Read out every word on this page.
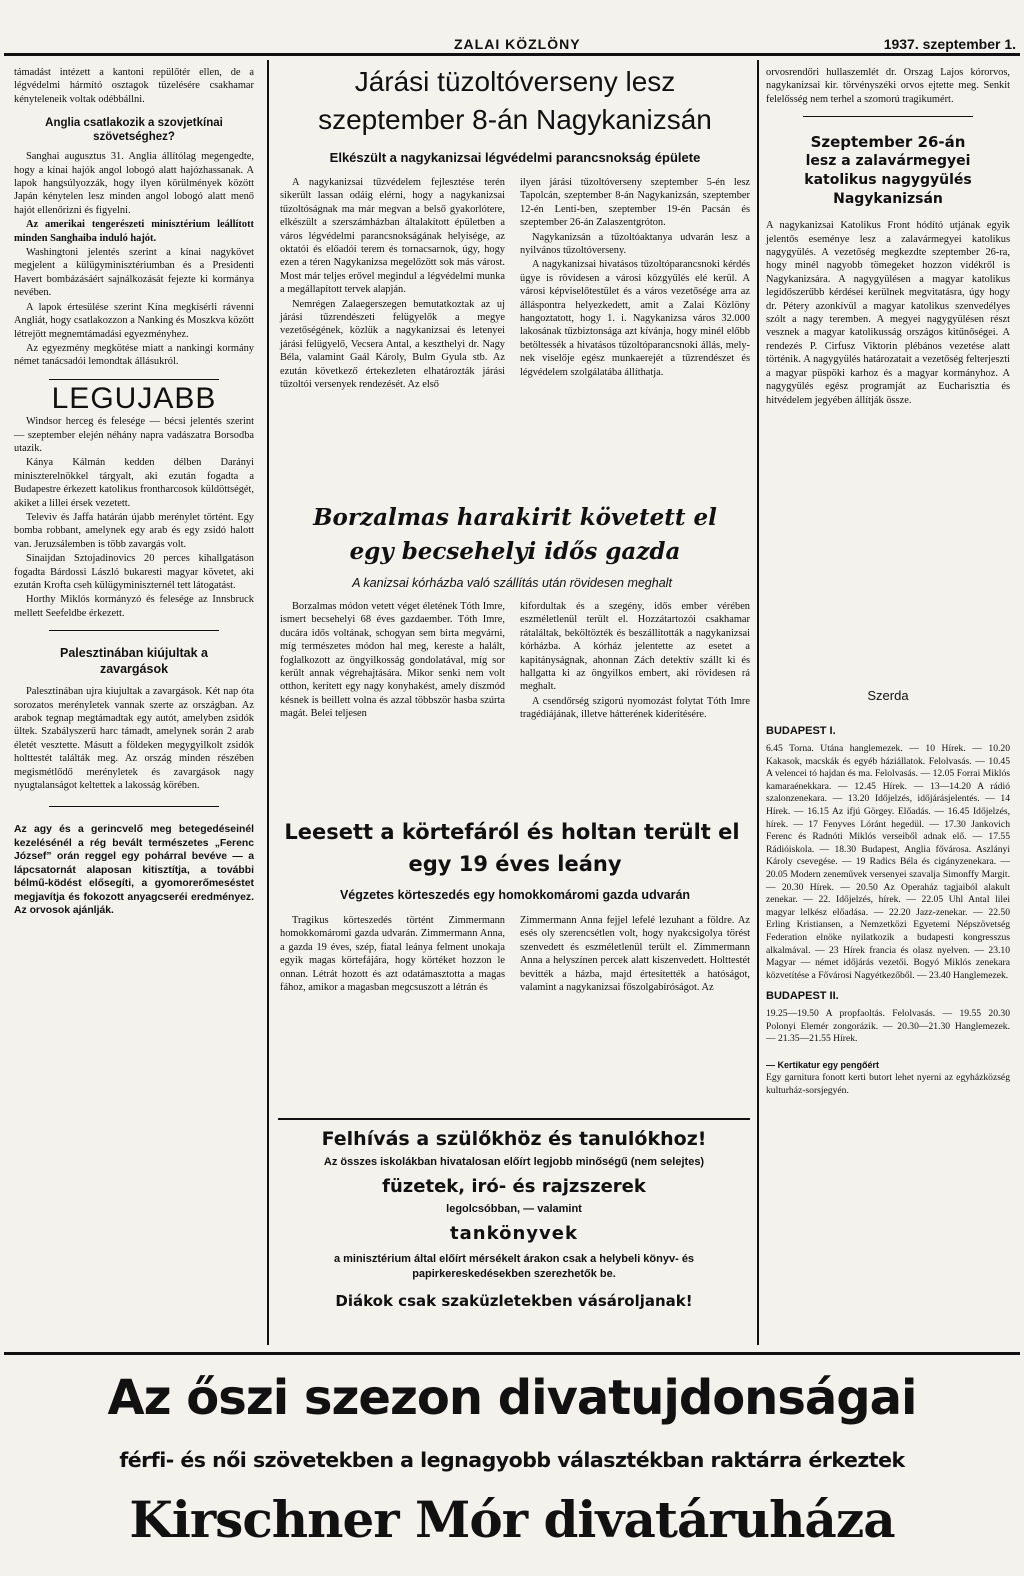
ZALAI KÖZLÖNY	1937. szeptember 1.

támadást intézett a kantoni repülőtér ellen, de a légvédelmi hármító osztagok tüzelésére csakhamar kényteleneik voltak odébbállni.

Anglia csatlakozik a szovjetkínai szövetséghez?

Sanghai augusztus 31. Anglia állítólag megengedte, hogy a kínai hajók angol lobogó alatt hajózhassanak. A lapok hangsúlyozzák, hogy ilyen körülmények között Japán kénytelen lesz minden angol lobogó alatt menő hajót ellenőrizni és figyelni.

Az amerikai tengerészeti minisztérium leállított minden Sanghaiba induló hajót.

Washingtoni jelentés szerint a kínai nagykövet megjelent a külügyminisztériumban és a Presidenti Havert bombázásáért sajnálkozását fejezte ki kormánya nevében.

A lapok értesülése szerint Kína megkísérli rávenni Angliát, hogy csatlakozzon a Nanking és Moszkva között létrejött megnemtámadási egyezményhez.

Az egyezmény megkötése miatt a nankingi kormány német tanácsadói lemondtak állásukról.

LEGUJABB

Windsor herceg és felesége — bécsi jelentés szerint — szeptember elején néhány napra vadászatra Borsodba utazik.

Kánya Kálmán kedden délben Darányi miniszterelnökkel tárgyalt, aki ezután fogadta a Budapestre érkezett katolikus frontharcosok küldöttségét, akiket a lillei érsek vezetett.

Televiv és Jaffa határán újabb merénylet történt. Egy bomba robbant, amelynek egy arab és egy zsidó halott van. Jeruzsálemben is több zavargás volt.

Sinaijdan Sztojadinovics 20 perces kihallgatáson fogadta Bárdossi László bukaresti magyar követet, aki ezután Krofta cseh külügyminiszternél tett látogatást.

Horthy Miklós kormányzó és felesége az Innsbruck mellett Seefeldbe érkezett.

Palesztinában kiújultak a zavargások

Palesztinában ujra kiujultak a zavargások. Két nap óta sorozatos merényletek vannak szerte az országban. Az arabok tegnap megtámadtak egy autót, amelyben zsidók ültek. Szabályszerű harc támadt, amelynek során 2 arab életét vesztette. Másutt a földeken megygyilkolt zsidók holttestét találták meg. Az ország minden részében megismétlődő merényletek és zavargások nagy nyugtalanságot keltettek a lakosság körében.

Az agy és a gerincvelő meg betegedéseinél kezelésénél a rég bevált természetes „Ferenc József” orán reggel egy pohárral bevéve — a lápcsatornát alaposan kitisztítja, a további bélmű-ködést elősegíti, a gyomorerőmeséstet megjavítja és fokozott anyagcseréi eredményez. Az orvosok ajánlják.

Járási tüzoltóverseny lesz
szeptember 8-án Nagykanizsán
Elkészült a nagykanizsai légvédelmi parancsnokság épülete

A nagykanizsai tűzvédelem fejlesztése terén sikerült lassan odáig elérni, hogy a nagykanizsai tűzoltóságnak ma már megvan a belső gyakorlótere, elkészült a szerszámházban általakított épületben a város légvédelmi parancsnokságának helyisége, az oktatói és előadói terem és tornacsarnok, úgy, hogy ezen a téren Nagykanizsa megelőzött sok más várost. Most már teljes erővel megindul a légvédelmi munka a megállapított tervek alapján.

Nemrégen Zalaegerszegen bemutatkoztak az uj járási tűzrendészeti felügyelők a megye vezetőségének, közlük a nagykanizsai és letenyei járási felügyelő, Vecsera Antal, a keszthelyi dr. Nagy Béla, valamint Gaál Károly, Bulm Gyula stb. Az ezután következő értekezleten elhatározták járási tűzoltói versenyek rendezését. Az első

ilyen járási tűzoltóverseny szeptember 5-én lesz Tapolcán, szeptember 8-án Nagykanizsán, szeptember 12-én Lenti-ben, szeptember 19-én Pacsán és szeptember 26-án Zalaszentgróton.

Nagykanizsán a tűzoltóaktanya udvarán lesz a nyilvános tűzoltóverseny.

A nagykanizsai hivatásos tűzoltóparancsnoki kérdés ügye is rövidesen a városi közgyűlés elé kerül. A városi képviselőtestület és a város vezetősége arra az álláspontra helyezkedett, amit a Zalai Közlöny hangoztatott, hogy 1. i. Nagykanizsa város 32.000 lakosának tűzbiztonsága azt kívánja, hogy minél előbb betöltessék a hivatásos tűzoltóparancsnoki állás, mely-nek viselője egész munkaerejét a tűzrendészet és légvédelem szolgálatába állíthatja.

Borzalmas harakirit követett el
egy becsehelyi idős gazda
A kanizsai kórházba való szállítás után rövidesen meghalt

Borzalmas módon vetett véget életének Tóth Imre, ismert becsehelyi 68 éves gazdaember. Tóth Imre, ducára idős voltának, schogyan sem birta megvárni, míg természetes módon hal meg, kereste a halált, foglalkozott az öngyilkosság gondolatával, míg sor került annak végrehajtására. Mikor senki nem volt otthon, kerített egy nagy konyhakést, amely díszmód késnek is beillett volna és azzal többször hasba szúrta magát. Belei teljesen

kifordultak és a szegény, idős ember vérében eszméletlenül terült el. Hozzátartozói csakhamar rátaláltak, beköltözték és beszállították a nagykanizsai kórházba. A kórház jelentette az esetet a kapitányságnak, ahonnan Zách detektív szállt ki és hallgatta ki az öngyilkos embert, aki rövidesen rá meghalt.

A csendőrség szigorú nyomozást folytat Tóth Imre tragédiájának, illetve hátterének kiderítésére.

Leesett a körtefáról és holtan terült el
egy 19 éves leány
Végzetes körteszedés egy homokkomáromi gazda udvarán

Tragikus körteszedés történt Zimmermann homokkomáromi gazda udvarán. Zimmermann Anna, a gazda 19 éves, szép, fiatal leánya felment unokaja egyik magas körtefájára, hogy körtéket hozzon le onnan. Létrát hozott és azt odatámasztotta a magas fához, amikor a magasban megcsuszott a létrán és

Zimmermann Anna fejjel lefelé lezuhant a földre. Az esés oly szerencsétlen volt, hogy nyakcsigolya törést szenvedett és eszméletlenül terült el. Zimmermann Anna a helyszínen percek alatt kiszenvedett. Holttestét bevitték a házba, majd értesítették a hatóságot, valamint a nagykanizsai főszolgabíróságot. Az

Felhívás a szülőkhöz és tanulókhoz!
Az összes iskolákban hivatalosan előírt legjobb minőségű (nem selejtes)
füzetek, iró- és rajzszerek
legolcsóbban, — valamint
tankönyvek
a minisztérium által előírt mérsékelt árakon csak a helybeli könyv- és papirkereskedésekben szerezhetők be.
Diákok csak szaküzletekben vásároljanak!

orvosrendőri hullaszemlét dr. Orszag Lajos kórorvos, nagykanizsai kir. törvényszéki orvos ejtette meg. Senkit felelősség nem terhel a szomorú tragikumért.

Szeptember 26-án
lesz a zalavármegyei
katolikus nagygyülés
Nagykanizsán

A nagykanizsai Katolikus Front hódító utjának egyik jelentős eseménye lesz a zalavármegyei katolikus nagygyülés. A vezetőség megkezdte szeptember 26-ra, hogy minél nagyobb tömegeket hozzon vidékről is Nagykanizsára. A nagygyülésen a magyar katolikus legidőszerűbb kérdései kerülnek megvitatásra, úgy hogy dr. Pétery azonkívül a magyar katolikus szenvedélyes szólt a nagy teremben. A megyei nagygyülésen részt vesznek a magyar katolikusság országos kitűnőségei. A rendezés P. Cirfusz Viktorin plébános vezetése alatt történik. A nagygyülés határozatait a vezetőség felterjeszti a magyar püspöki karhoz és a magyar kormányhoz. A nagygyülés egész programját az Eucharisztia és hitvédelem jegyében állítják össze.

Szerda
BUDAPEST I.
6.45 Torna. Utána hanglemezek. — 10 Hírek. — 10.20 Kakasok, macskák és egyéb háziállatok. Felolvasás. — 10.45 A velencei tó hajdan és ma. Felolvasás. — 12.05 Forrai Miklós kamaraénekkara. — 12.45 Hírek. — 13—14.20 A rádió szalonzenekara. — 13.20 Időjelzés, időjárásjelentés. — 14 Hírek. — 16.15 Az ifjú Görgey. Előadás. — 16.45 Időjelzés, hírek. — 17 Fenyves Lóránt hegedül. — 17.30 Jankovich Ferenc és Radnóti Miklós verseiből adnak elő. — 17.55 Rádióiskola. — 18.30 Budapest, Anglia fővárosa. Aszlányi Károly csevegése. — 19 Radics Béla és cigányzenekara. — 20.05 Modern zeneművek versenyei szavalja Simonffy Margit. — 20.30 Hírek. — 20.50 Az Operaház tagjaiból alakult zenekar. — 22. Időjelzés, hírek. — 22.05 Uhl Antal lilei magyar lelkész előadása. — 22.20 Jazz-zenekar. — 22.50 Erling Kristiansen, a Nemzetközi Egyetemi Népszövetség Federation elnöke nyilatkozik a budapesti kongresszus alkalmával. — 23 Hírek francia és olasz nyelven. — 23.10 Magyar — német időjárás vezetői. Bogyó Miklós zenekara közvetítése a Fővárosi Nagyétkezőből. — 23.40 Hanglemezek.
BUDAPEST II.
19.25—19.50 A propfaoltás. Felolvasás. — 19.55 20.30 Polonyi Elemér zongorázik. — 20.30—21.30 Hanglemezek. — 21.35—21.55 Hírek.
— Kertikatur egy pengőért
Egy garnitura fonott kerti butort lehet nyerni az egyházközség kulturház-sorsjegyén.
Az őszi szezon divatujdonságai
férfi- és női szövetekben a legnagyobb választékban raktárra érkeztek
Kirschner Mór divatáruháza
